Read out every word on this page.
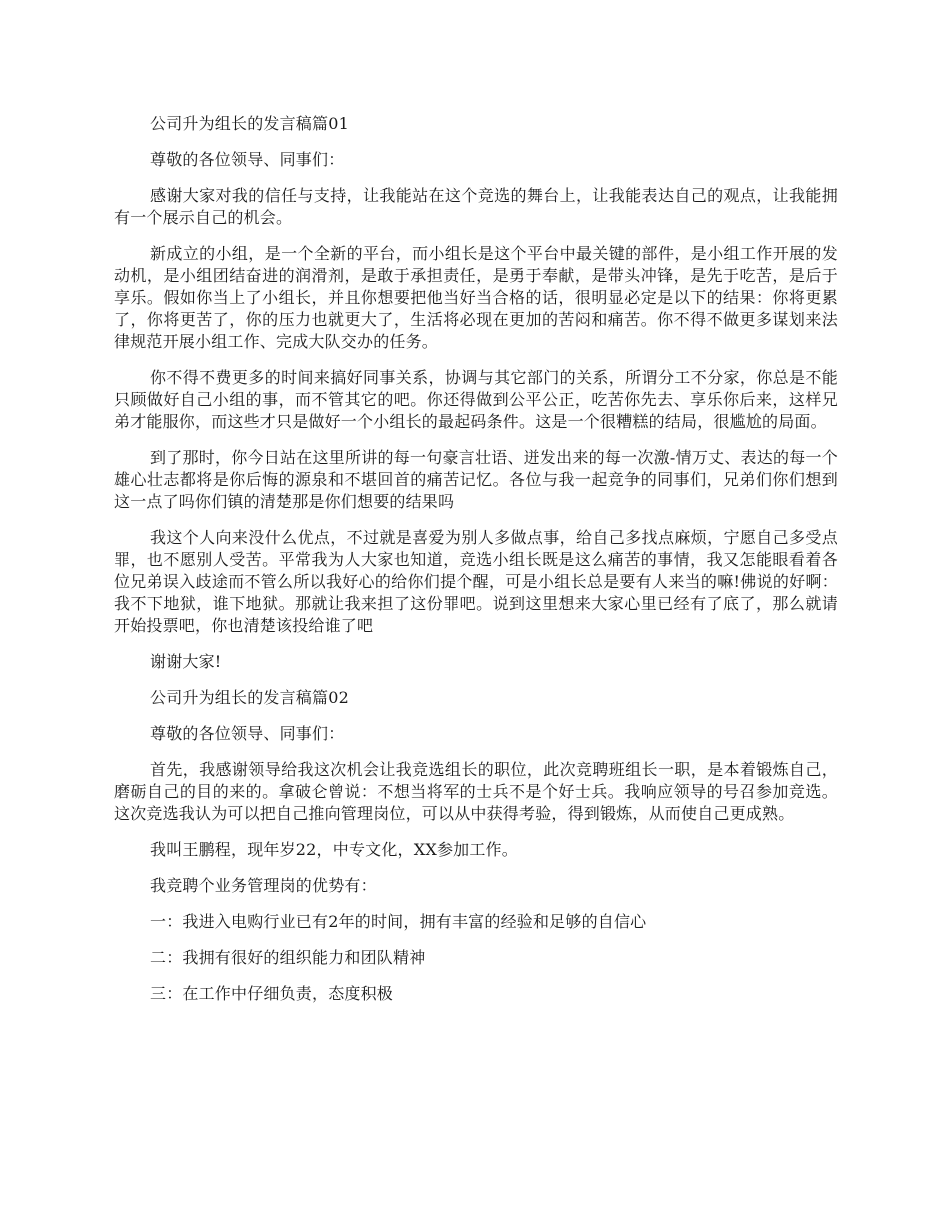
公司升为组长的发言稿篇01

尊敬的各位领导、同事们：

感谢大家对我的信任与支持，让我能站在这个竞选的舞台上，让我能表达自己的观点，让我能拥有一个展示自己的机会。

新成立的小组，是一个全新的平台，而小组长是这个平台中最关键的部件，是小组工作开展的发动机，是小组团结奋进的润滑剂，是敢于承担责任，是勇于奉献，是带头冲锋，是先于吃苦，是后于享乐。假如你当上了小组长，并且你想要把他当好当合格的话，很明显必定是以下的结果：你将更累了，你将更苦了，你的压力也就更大了，生活将必现在更加的苦闷和痛苦。你不得不做更多谋划来法律规范开展小组工作、完成大队交办的任务。

你不得不费更多的时间来搞好同事关系，协调与其它部门的关系，所谓分工不分家，你总是不能只顾做好自己小组的事，而不管其它的吧。你还得做到公平公正，吃苦你先去、享乐你后来，这样兄弟才能服你，而这些才只是做好一个小组长的最起码条件。这是一个很糟糕的结局，很尴尬的局面。

到了那时，你今日站在这里所讲的每一句豪言壮语、迸发出来的每一次激-情万丈、表达的每一个雄心壮志都将是你后悔的源泉和不堪回首的痛苦记忆。各位与我一起竞争的同事们，兄弟们你们想到这一点了吗你们镇的清楚那是你们想要的结果吗

我这个人向来没什么优点，不过就是喜爱为别人多做点事，给自己多找点麻烦，宁愿自己多受点罪，也不愿别人受苦。平常我为人大家也知道，竞选小组长既是这么痛苦的事情，我又怎能眼看着各位兄弟误入歧途而不管么所以我好心的给你们提个醒，可是小组长总是要有人来当的嘛!佛说的好啊：我不下地狱，谁下地狱。那就让我来担了这份罪吧。说到这里想来大家心里已经有了底了，那么就请开始投票吧，你也清楚该投给谁了吧

谢谢大家!

公司升为组长的发言稿篇02

尊敬的各位领导、同事们：

首先，我感谢领导给我这次机会让我竞选组长的职位，此次竞聘班组长一职，是本着锻炼自己，磨砺自己的目的来的。拿破仑曾说：不想当将军的士兵不是个好士兵。我响应领导的号召参加竞选。这次竞选我认为可以把自己推向管理岗位，可以从中获得考验，得到锻炼，从而使自己更成熟。

我叫王鹏程，现年岁22，中专文化，XX参加工作。

我竞聘个业务管理岗的优势有：

一：我进入电购行业已有2年的时间，拥有丰富的经验和足够的自信心

二：我拥有很好的组织能力和团队精神

三：在工作中仔细负责，态度积极
